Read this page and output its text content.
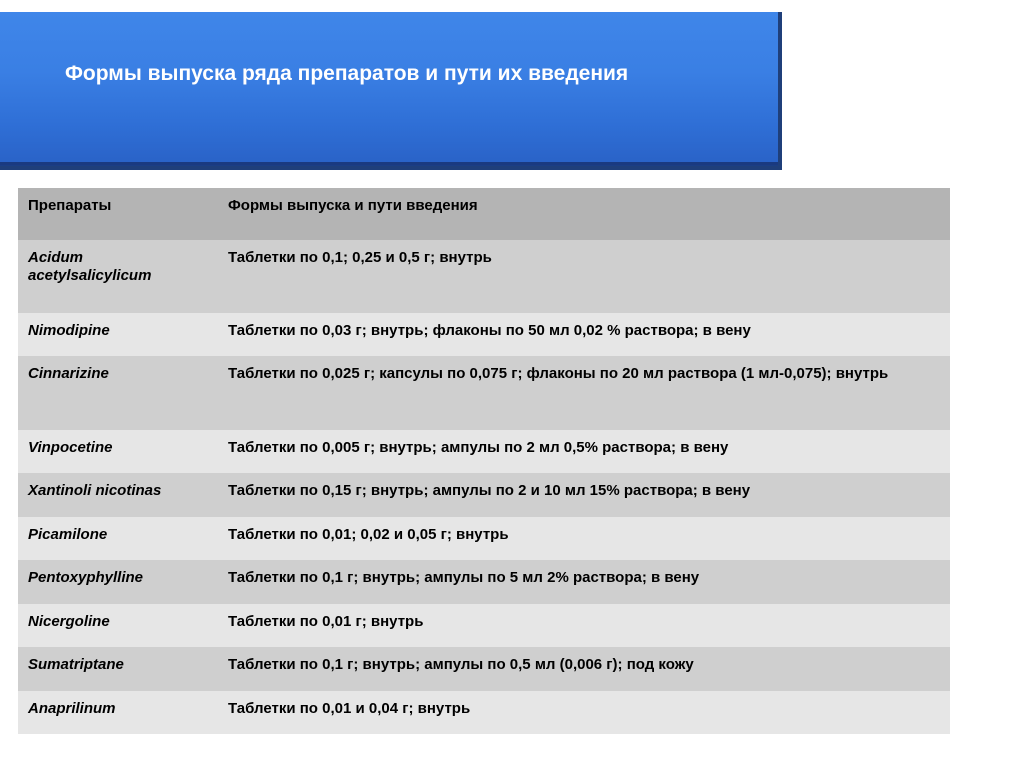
Формы выпуска ряда препаратов и пути их введения
Препараты	Формы выпуска и пути введения
Acidum acetylsalicylicum	Таблетки по 0,1; 0,25 и 0,5 г; внутрь
Nimodipine	Таблетки по 0,03 г; внутрь; флаконы по 50 мл 0,02 % раствора; в вену
Cinnarizine	Таблетки по 0,025 г; капсулы по 0,075 г; флаконы по 20 мл раствора (1 мл-0,075); внутрь
Vinpocetine	Таблетки по 0,005 г; внутрь; ампулы по 2 мл 0,5% раствора; в вену
Xantinoli nicotinas	Таблетки по 0,15 г; внутрь; ампулы по 2 и 10 мл 15% раствора; в вену
Picamilone	Таблетки по 0,01; 0,02 и 0,05 г; внутрь
Pentoxyphylline	Таблетки по 0,1 г; внутрь; ампулы по 5 мл 2% раствора; в вену
Nicergoline	Таблетки по 0,01 г; внутрь
Sumatriptane	Таблетки по 0,1 г; внутрь; ампулы по 0,5 мл (0,006 г); под кожу
Anaprilinum	Таблетки по 0,01 и 0,04 г; внутрь
